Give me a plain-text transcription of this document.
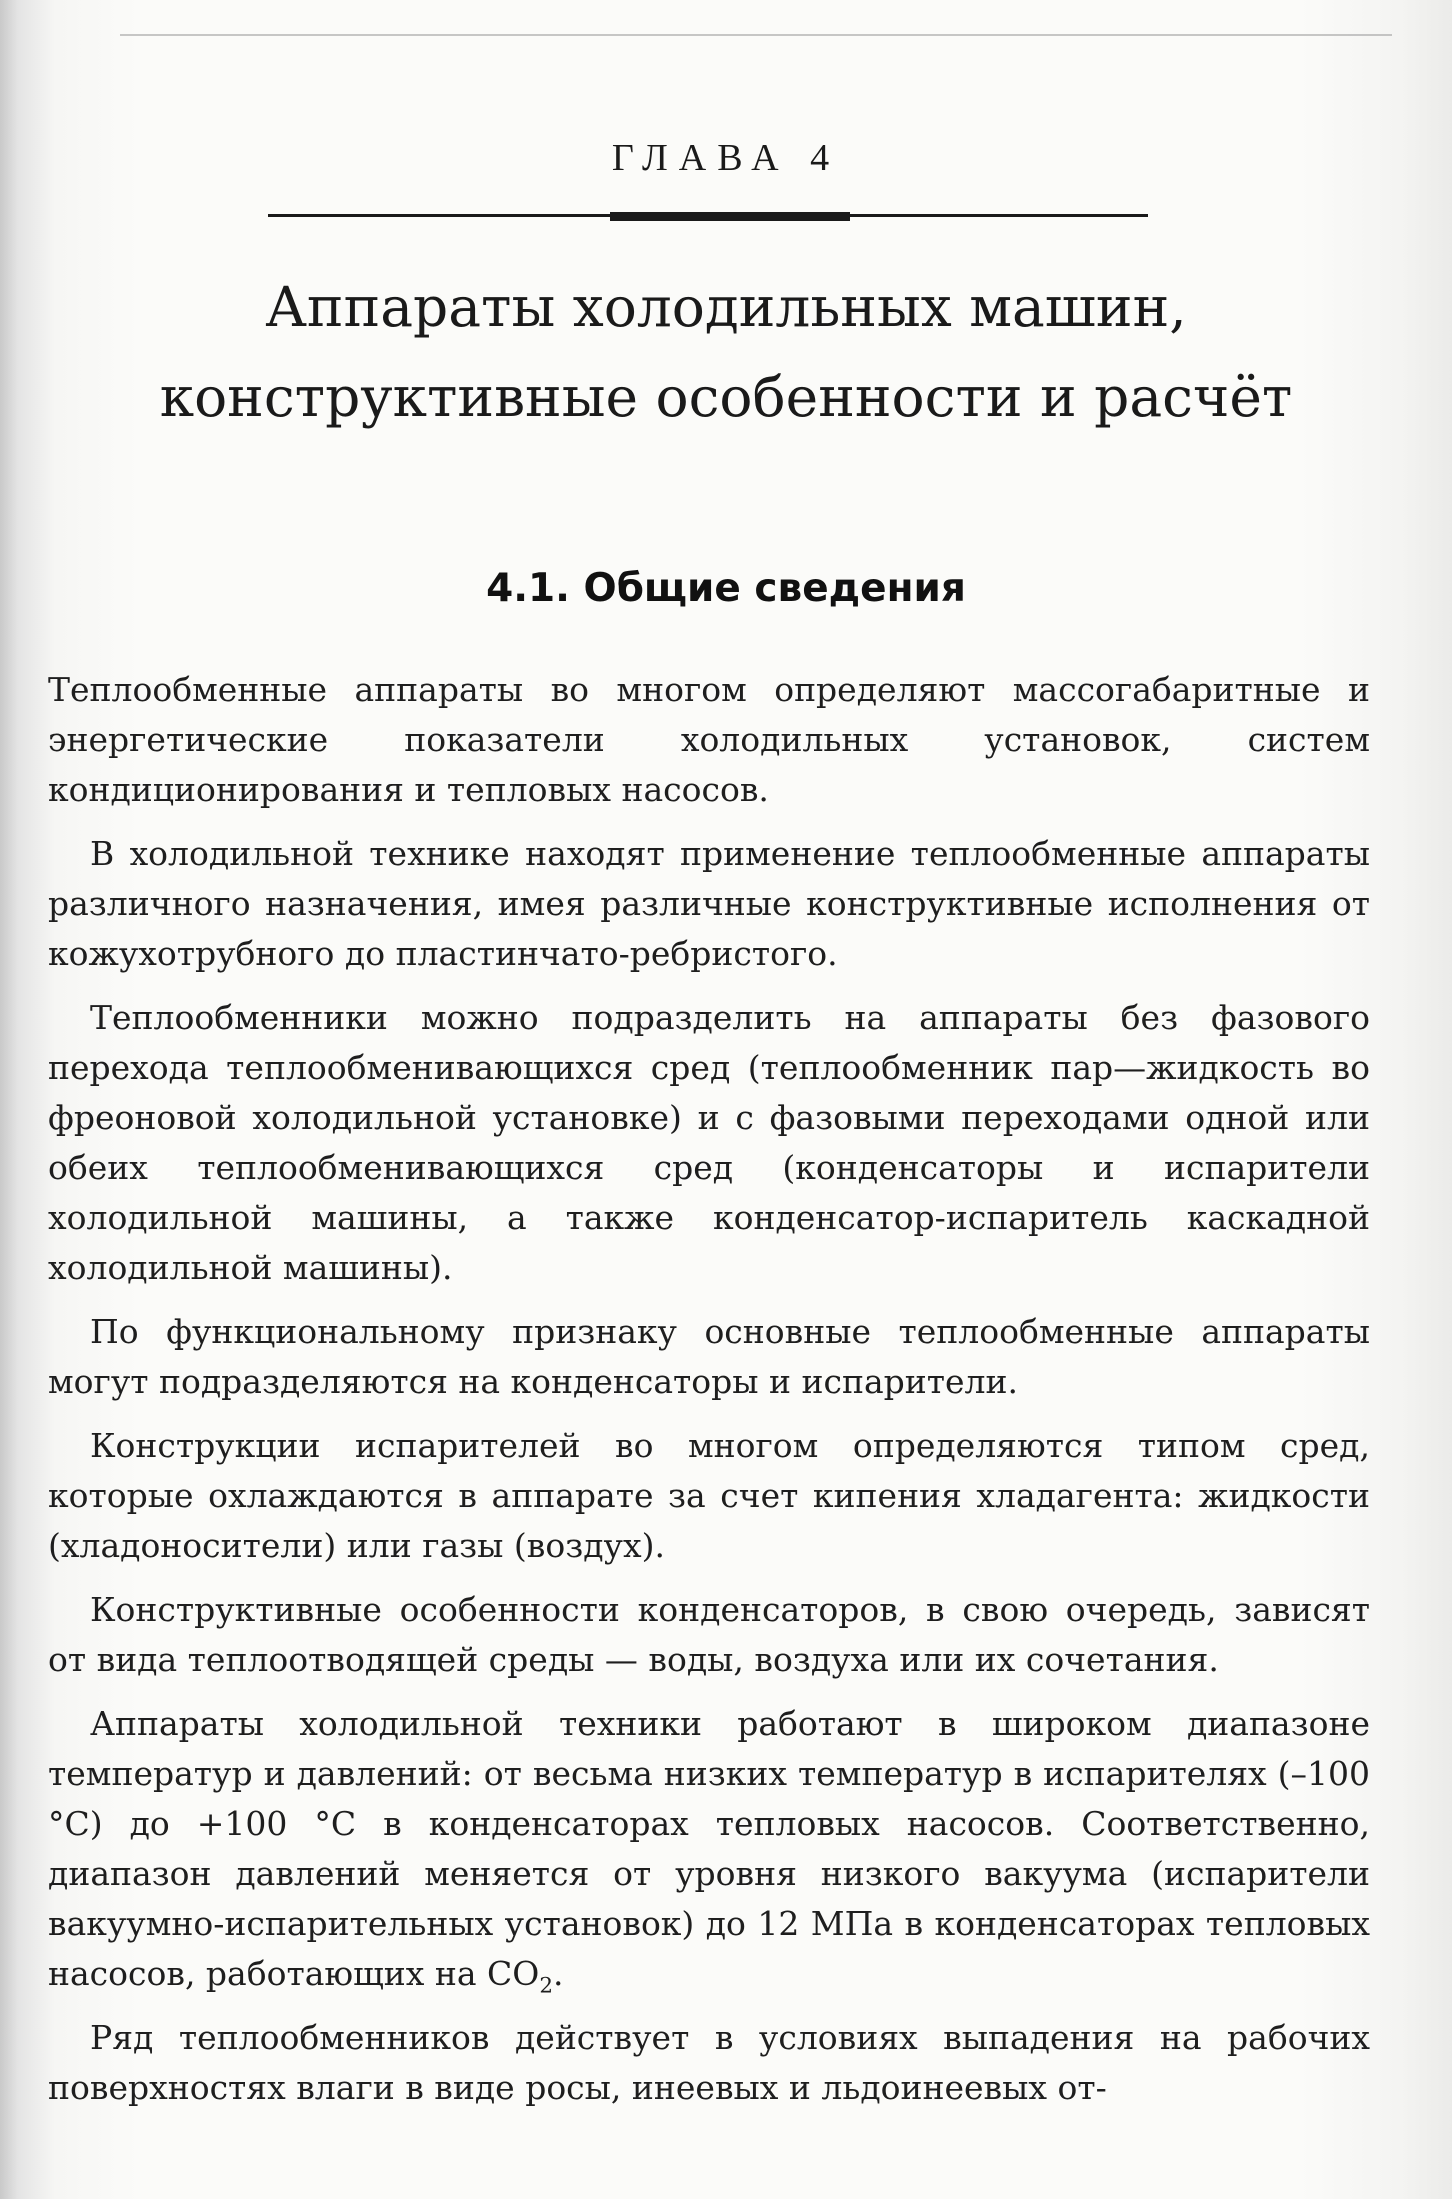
ГЛАВА 4
Аппараты холодильных машин,
конструктивные особенности и расчёт
4.1. Общие сведения

Теплообменные аппараты во многом определяют массогабаритные и энергетические показатели холодильных установок, систем кондиционирования и тепловых насосов.

В холодильной технике находят применение теплообменные аппараты различного назначения, имея различные конструктивные исполнения от кожухотрубного до пластинчато-ребристого.

Теплообменники можно подразделить на аппараты без фазового перехода теплообменивающихся сред (теплообменник пар—жидкость во фреоновой холодильной установке) и с фазовыми переходами одной или обеих теплообменивающихся сред (конденсаторы и испарители холодильной машины, а также конденсатор-испаритель каскадной холодильной машины).

По функциональному признаку основные теплообменные аппараты могут подразделяются на конденсаторы и испарители.

Конструкции испарителей во многом определяются типом сред, которые охлаждаются в аппарате за счет кипения хладагента: жидкости (хладоносители) или газы (воздух).

Конструктивные особенности конденсаторов, в свою очередь, зависят от вида теплоотводящей среды — воды, воздуха или их сочетания.

Аппараты холодильной техники работают в широком диапазоне температур и давлений: от весьма низких температур в испарителях (–100 °С) до +100 °С в конденсаторах тепловых насосов. Соответственно, диапазон давлений меняется от уровня низкого вакуума (испарители вакуумно-испарительных установок) до 12 МПа в конденсаторах тепловых насосов, работающих на $CO_2$.

Ряд теплообменников действует в условиях выпадения на рабочих поверхностях влаги в виде росы, инеевых и льдоинеевых от-
